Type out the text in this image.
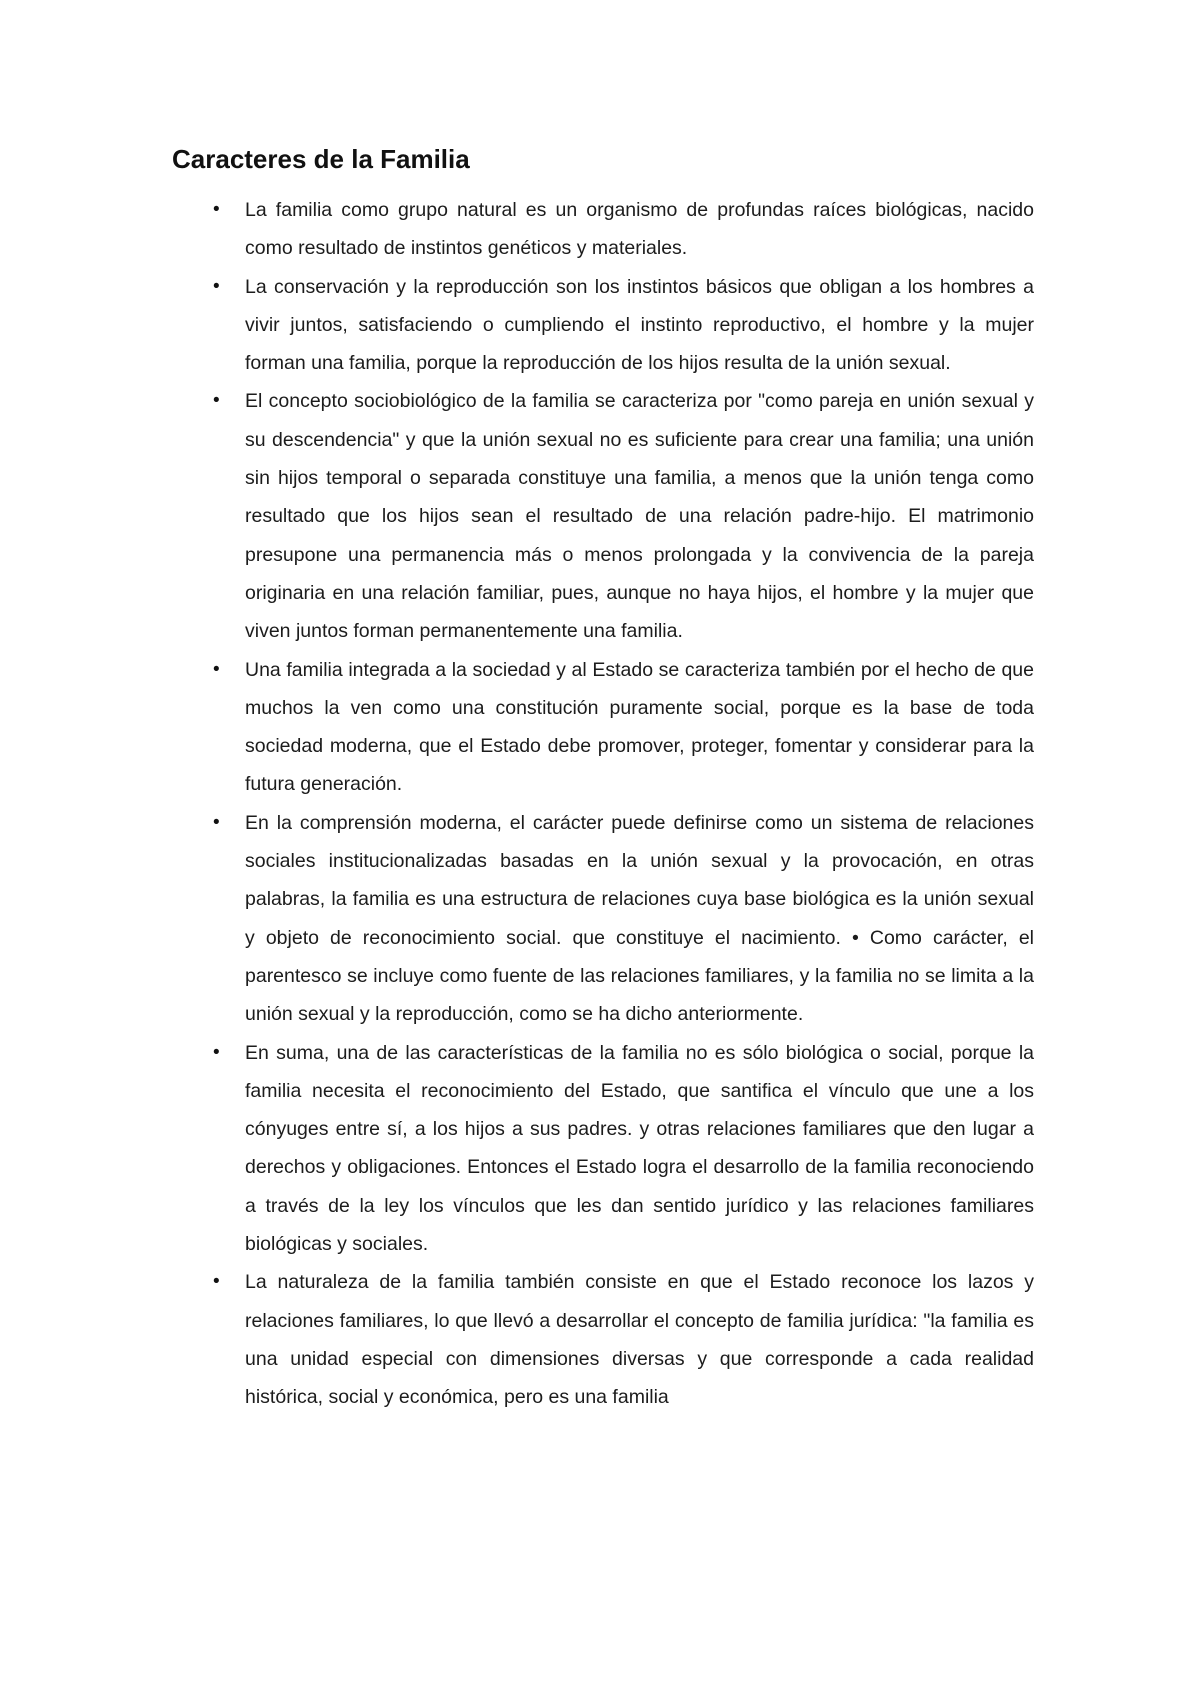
Caracteres de la Familia
• La familia como grupo natural es un organismo de profundas raíces biológicas, nacido como resultado de instintos genéticos y materiales.
• La conservación y la reproducción son los instintos básicos que obligan a los hombres a vivir juntos, satisfaciendo o cumpliendo el instinto reproductivo, el hombre y la mujer forman una familia, porque la reproducción de los hijos resulta de la unión sexual.
• El concepto sociobiológico de la familia se caracteriza por "como pareja en unión sexual y su descendencia" y que la unión sexual no es suficiente para crear una familia; una unión sin hijos temporal o separada constituye una familia, a menos que la unión tenga como resultado que los hijos sean el resultado de una relación padre-hijo. El matrimonio presupone una permanencia más o menos prolongada y la convivencia de la pareja originaria en una relación familiar, pues, aunque no haya hijos, el hombre y la mujer que viven juntos forman permanentemente una familia.
• Una familia integrada a la sociedad y al Estado se caracteriza también por el hecho de que muchos la ven como una constitución puramente social, porque es la base de toda sociedad moderna, que el Estado debe promover, proteger, fomentar y considerar para la futura generación.
• En la comprensión moderna, el carácter puede definirse como un sistema de relaciones sociales institucionalizadas basadas en la unión sexual y la provocación, en otras palabras, la familia es una estructura de relaciones cuya base biológica es la unión sexual y objeto de reconocimiento social. que constituye el nacimiento. • Como carácter, el parentesco se incluye como fuente de las relaciones familiares, y la familia no se limita a la unión sexual y la reproducción, como se ha dicho anteriormente.
• En suma, una de las características de la familia no es sólo biológica o social, porque la familia necesita el reconocimiento del Estado, que santifica el vínculo que une a los cónyuges entre sí, a los hijos a sus padres. y otras relaciones familiares que den lugar a derechos y obligaciones. Entonces el Estado logra el desarrollo de la familia reconociendo a través de la ley los vínculos que les dan sentido jurídico y las relaciones familiares biológicas y sociales.
• La naturaleza de la familia también consiste en que el Estado reconoce los lazos y relaciones familiares, lo que llevó a desarrollar el concepto de familia jurídica: "la familia es una unidad especial con dimensiones diversas y que corresponde a cada realidad histórica, social y económica, pero es una familia
